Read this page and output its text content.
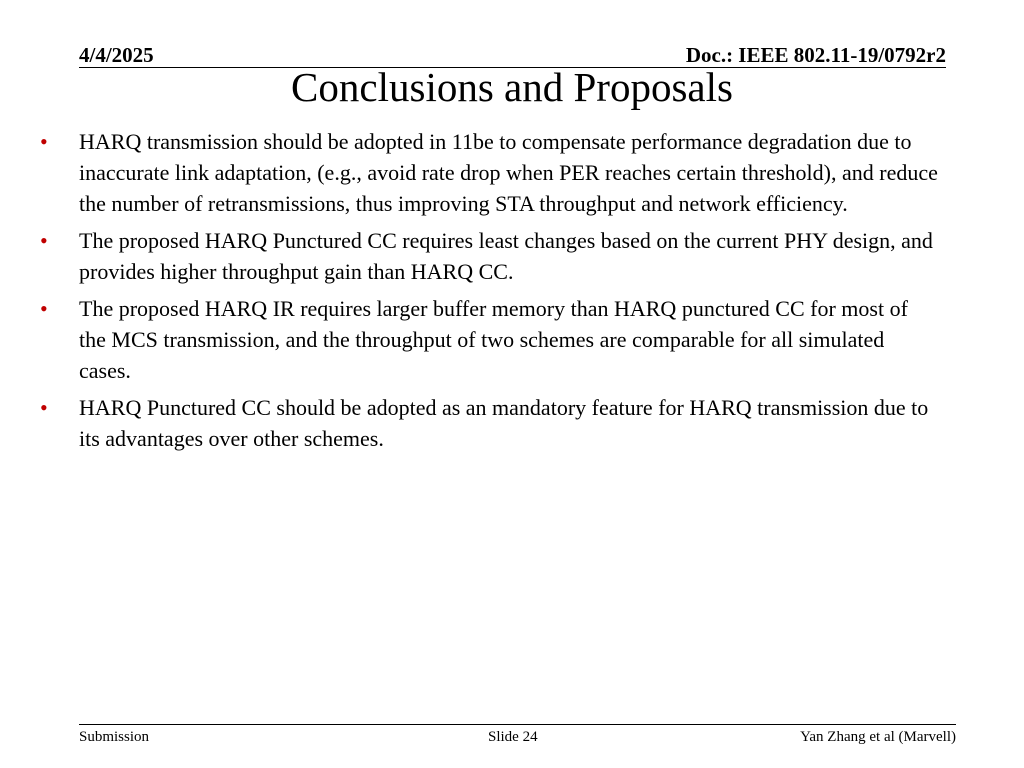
4/4/2025	Doc.: IEEE 802.11-19/0792r2
Conclusions and Proposals
• HARQ transmission should be adopted in 11be to compensate performance degradation due to inaccurate link adaptation, (e.g., avoid rate drop when PER reaches certain threshold), and reduce the number of retransmissions, thus improving STA throughput and network efficiency.
• The proposed HARQ Punctured CC requires least changes based on the current PHY design, and provides higher throughput gain than HARQ CC.
• The proposed HARQ IR requires larger buffer memory than HARQ punctured CC for most of the MCS transmission, and the throughput of two schemes are comparable for all simulated cases.
• HARQ Punctured CC should be adopted as an mandatory feature for HARQ transmission due to its advantages over other schemes.
Submission	Slide 24	Yan Zhang et al (Marvell)
